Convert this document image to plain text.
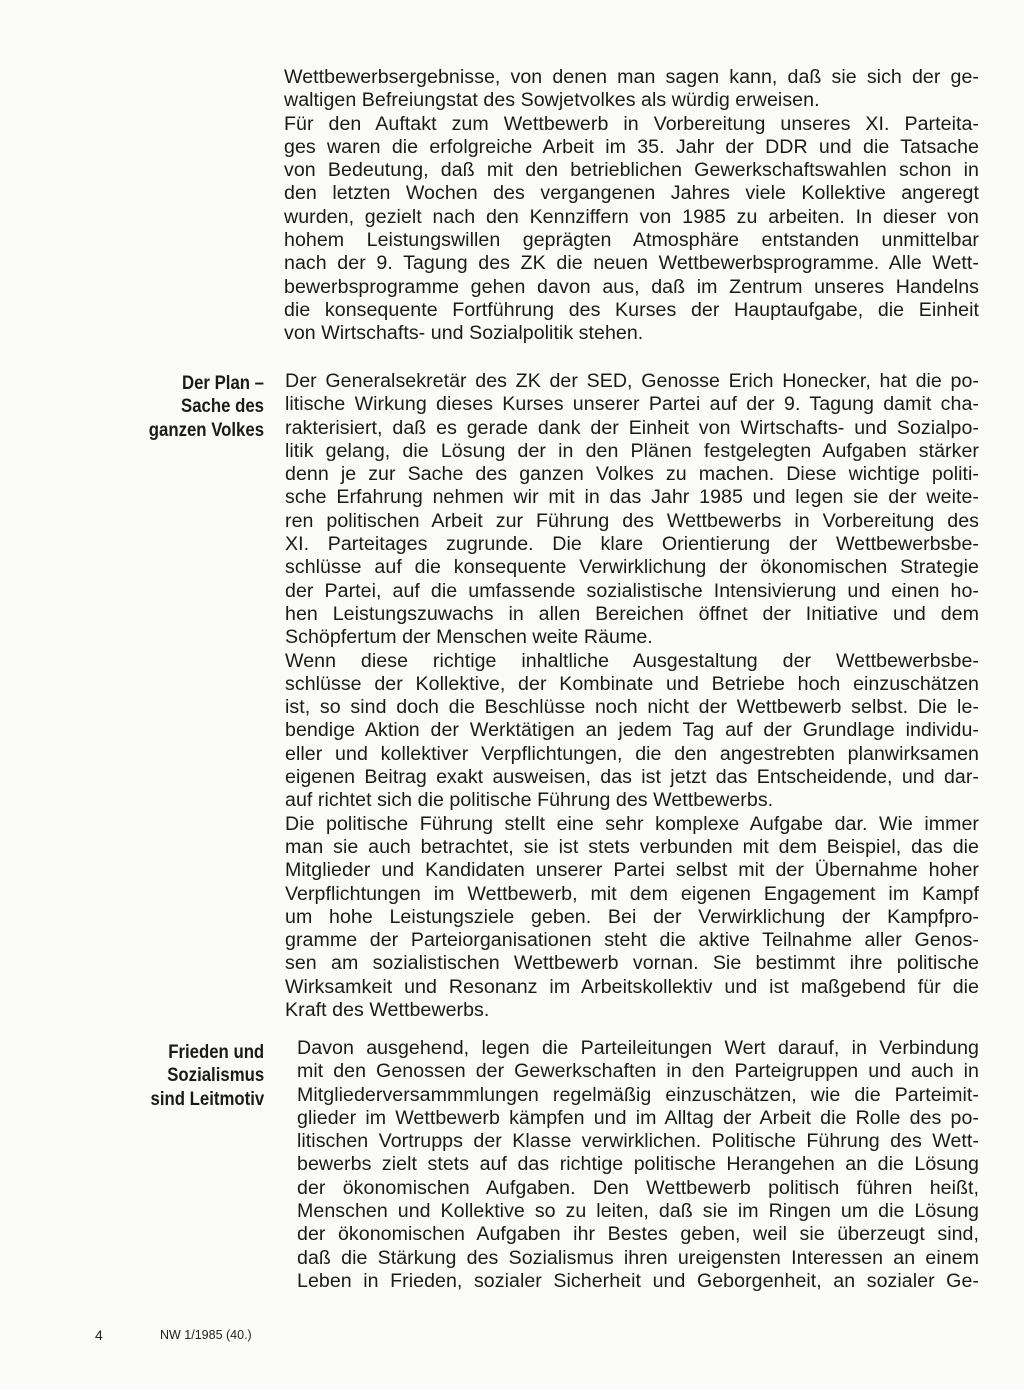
Wettbewerbsergebnisse, von denen man sagen kann, daß sie sich der ge-
waltigen Befreiungstat des Sowjetvolkes als würdig erweisen.
Für den Auftakt zum Wettbewerb in Vorbereitung unseres XI. Parteita-
ges waren die erfolgreiche Arbeit im 35. Jahr der DDR und die Tatsache
von Bedeutung, daß mit den betrieblichen Gewerkschaftswahlen schon in
den letzten Wochen des vergangenen Jahres viele Kollektive angeregt
wurden, gezielt nach den Kennziffern von 1985 zu arbeiten. In dieser von
hohem Leistungswillen geprägten Atmosphäre entstanden unmittelbar
nach der 9. Tagung des ZK die neuen Wettbewerbsprogramme. Alle Wett-
bewerbsprogramme gehen davon aus, daß im Zentrum unseres Handelns
die konsequente Fortführung des Kurses der Hauptaufgabe, die Einheit
von Wirtschafts- und Sozialpolitik stehen.
Der Plan –
Sache des
ganzen Volkes
Der Generalsekretär des ZK der SED, Genosse Erich Honecker, hat die po-
litische Wirkung dieses Kurses unserer Partei auf der 9. Tagung damit cha-
rakterisiert, daß es gerade dank der Einheit von Wirtschafts- und Sozialpo-
litik gelang, die Lösung der in den Plänen festgelegten Aufgaben stärker
denn je zur Sache des ganzen Volkes zu machen. Diese wichtige politi-
sche Erfahrung nehmen wir mit in das Jahr 1985 und legen sie der weite-
ren politischen Arbeit zur Führung des Wettbewerbs in Vorbereitung des
XI. Parteitages zugrunde. Die klare Orientierung der Wettbewerbsbe-
schlüsse auf die konsequente Verwirklichung der ökonomischen Strategie
der Partei, auf die umfassende sozialistische Intensivierung und einen ho-
hen Leistungszuwachs in allen Bereichen öffnet der Initiative und dem
Schöpfertum der Menschen weite Räume.
Wenn diese richtige inhaltliche Ausgestaltung der Wettbewerbsbe-
schlüsse der Kollektive, der Kombinate und Betriebe hoch einzuschätzen
ist, so sind doch die Beschlüsse noch nicht der Wettbewerb selbst. Die le-
bendige Aktion der Werktätigen an jedem Tag auf der Grundlage individu-
eller und kollektiver Verpflichtungen, die den angestrebten planwirksamen
eigenen Beitrag exakt ausweisen, das ist jetzt das Entscheidende, und dar-
auf richtet sich die politische Führung des Wettbewerbs.
Die politische Führung stellt eine sehr komplexe Aufgabe dar. Wie immer
man sie auch betrachtet, sie ist stets verbunden mit dem Beispiel, das die
Mitglieder und Kandidaten unserer Partei selbst mit der Übernahme hoher
Verpflichtungen im Wettbewerb, mit dem eigenen Engagement im Kampf
um hohe Leistungsziele geben. Bei der Verwirklichung der Kampfpro-
gramme der Parteiorganisationen steht die aktive Teilnahme aller Genos-
sen am sozialistischen Wettbewerb vornan. Sie bestimmt ihre politische
Wirksamkeit und Resonanz im Arbeitskollektiv und ist maßgebend für die
Kraft des Wettbewerbs.
Frieden und
Sozialismus
sind Leitmotiv
Davon ausgehend, legen die Parteileitungen Wert darauf, in Verbindung
mit den Genossen der Gewerkschaften in den Parteigruppen und auch in
Mitgliederversammmlungen regelmäßig einzuschätzen, wie die Parteimit-
glieder im Wettbewerb kämpfen und im Alltag der Arbeit die Rolle des po-
litischen Vortrupps der Klasse verwirklichen. Politische Führung des Wett-
bewerbs zielt stets auf das richtige politische Herangehen an die Lösung
der ökonomischen Aufgaben. Den Wettbewerb politisch führen heißt,
Menschen und Kollektive so zu leiten, daß sie im Ringen um die Lösung
der ökonomischen Aufgaben ihr Bestes geben, weil sie überzeugt sind,
daß die Stärkung des Sozialismus ihren ureigensten Interessen an einem
Leben in Frieden, sozialer Sicherheit und Geborgenheit, an sozialer Ge-
4	NW 1/1985 (40.)
